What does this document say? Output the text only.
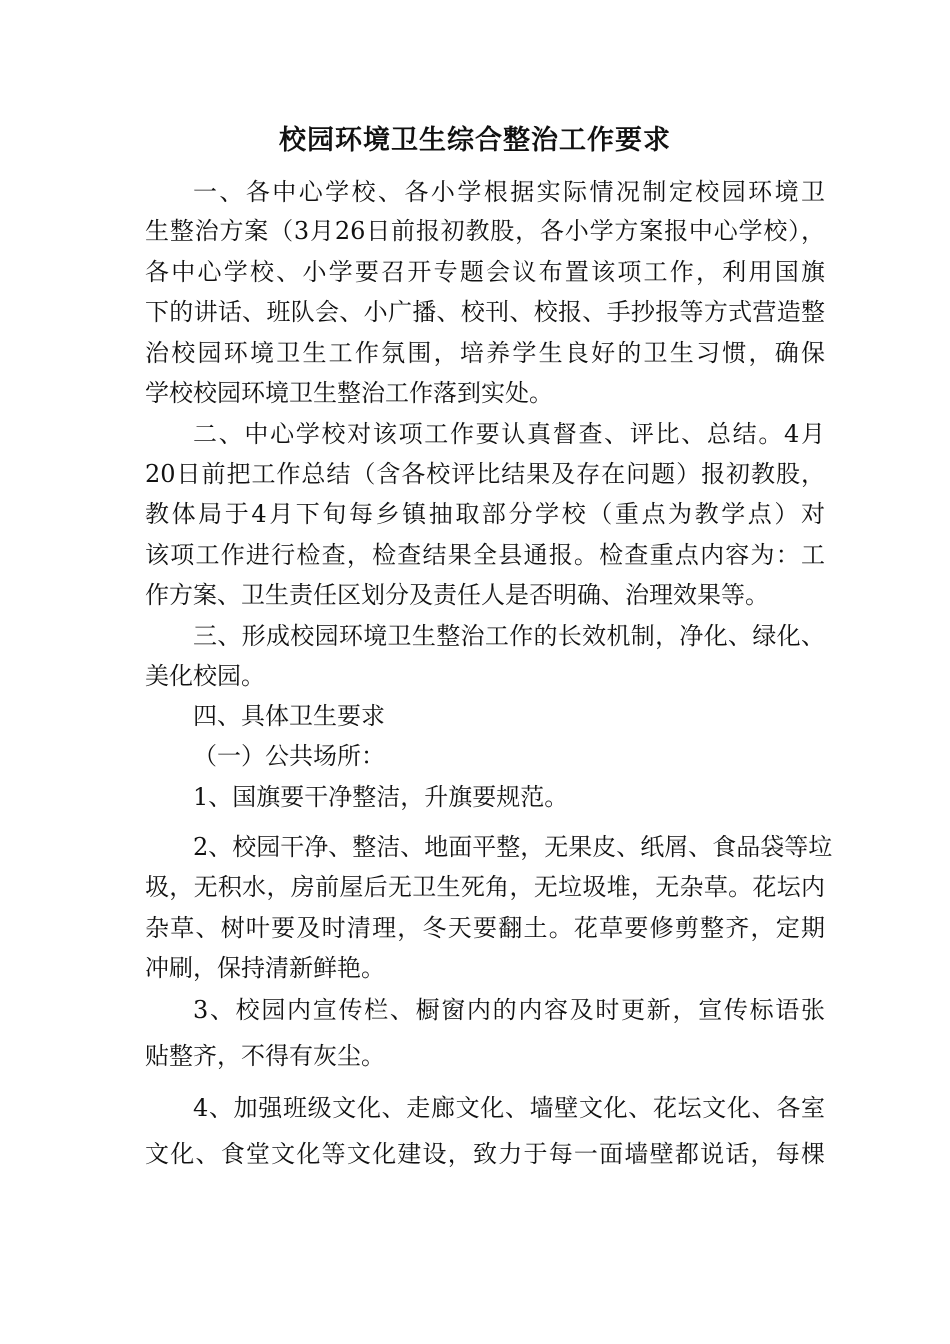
校园环境卫生综合整治工作要求

一、各中心学校、各小学根据实际情况制定校园环境卫

生整治方案（3月26日前报初教股，各小学方案报中心学校），

各中心学校、小学要召开专题会议布置该项工作，利用国旗

下的讲话、班队会、小广播、校刊、校报、手抄报等方式营造整

治校园环境卫生工作氛围，培养学生良好的卫生习惯，确保

学校校园环境卫生整治工作落到实处。

二、中心学校对该项工作要认真督查、评比、总结。4月

20日前把工作总结（含各校评比结果及存在问题）报初教股，

教体局于4月下旬每乡镇抽取部分学校（重点为教学点）对

该项工作进行检查，检查结果全县通报。检查重点内容为：工

作方案、卫生责任区划分及责任人是否明确、治理效果等。

三、形成校园环境卫生整治工作的长效机制，净化、绿化、

美化校园。

四、具体卫生要求

（一）公共场所：

1、国旗要干净整洁，升旗要规范。

2、校园干净、整洁、地面平整，无果皮、纸屑、食品袋等垃

圾，无积水，房前屋后无卫生死角，无垃圾堆，无杂草。花坛内

杂草、树叶要及时清理，冬天要翻土。花草要修剪整齐，定期

冲刷，保持清新鲜艳。

3、校园内宣传栏、橱窗内的内容及时更新，宣传标语张

贴整齐，不得有灰尘。

4、加强班级文化、走廊文化、墙壁文化、花坛文化、各室

文化、食堂文化等文化建设，致力于每一面墙壁都说话，每棵
